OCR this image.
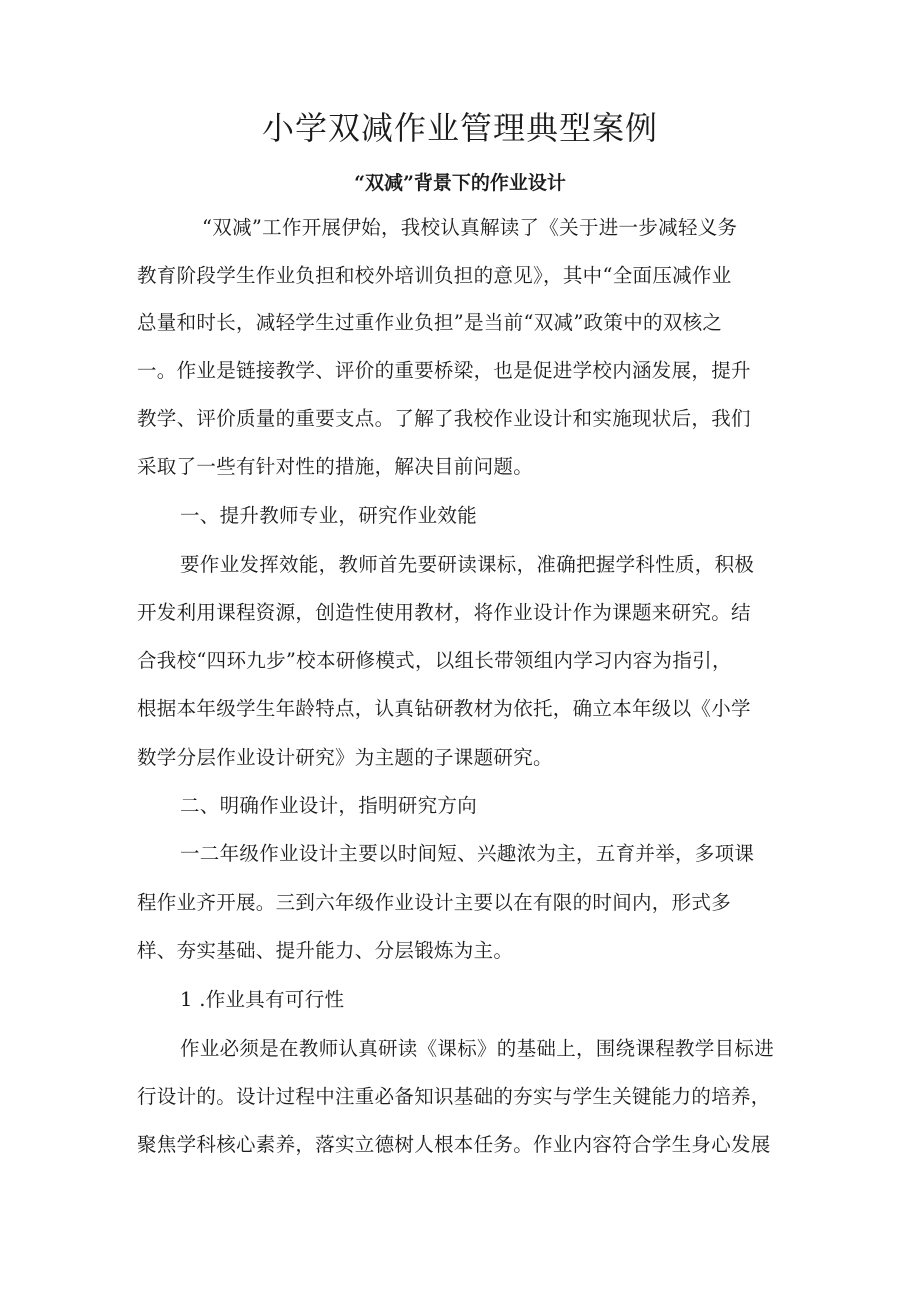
小学双减作业管理典型案例
“双减”背景下的作业设计

“双减”工作开展伊始，我校认真解读了《关于进一步减轻义务

教育阶段学生作业负担和校外培训负担的意见》，其中“全面压减作业

总量和时长，减轻学生过重作业负担”是当前“双减”政策中的双核之

一。作业是链接教学、评价的重要桥梁，也是促进学校内涵发展，提升

教学、评价质量的重要支点。了解了我校作业设计和实施现状后，我们

采取了一些有针对性的措施，解决目前问题。

一、提升教师专业，研究作业效能

要作业发挥效能，教师首先要研读课标，准确把握学科性质，积极

开发利用课程资源，创造性使用教材，将作业设计作为课题来研究。结

合我校“四环九步”校本研修模式，以组长带领组内学习内容为指引，

根据本年级学生年龄特点，认真钻研教材为依托，确立本年级以《小学

数学分层作业设计研究》为主题的子课题研究。

二、明确作业设计，指明研究方向

一二年级作业设计主要以时间短、兴趣浓为主，五育并举，多项课

程作业齐开展。三到六年级作业设计主要以在有限的时间内，形式多

样、夯实基础、提升能力、分层锻炼为主。

1 .作业具有可行性

作业必须是在教师认真研读《课标》的基础上，围绕课程教学目标进

行设计的。设计过程中注重必备知识基础的夯实与学生关键能力的培养，

聚焦学科核心素养，落实立德树人根本任务。作业内容符合学生身心发展
